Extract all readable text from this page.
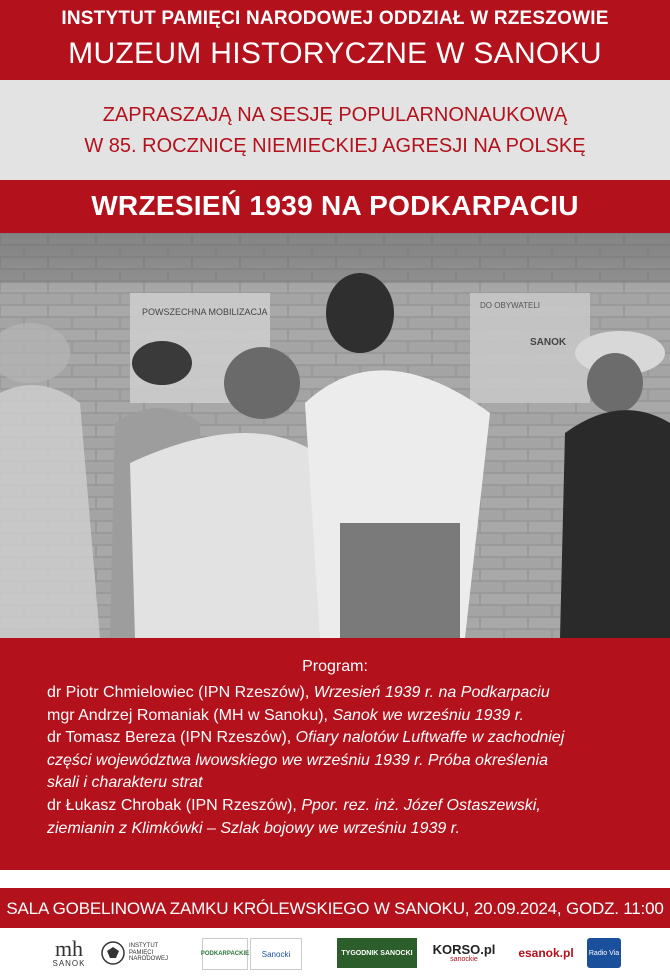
INSTYTUT PAMIĘCI NARODOWEJ ODDZIAŁ W RZESZOWIE
MUZEUM HISTORYCZNE W SANOKU
ZAPRASZAJĄ NA SESJĘ POPULARNONAUKOWĄ
W 85. ROCZNICĘ NIEMIECKIEJ AGRESJI NA POLSKĘ
WRZESIEŃ 1939 NA PODKARPACIU
POWSZECHNA MOBILIZACJA
DO OBYWATELI
SANOK
Program:
dr Piotr Chmielowiec (IPN Rzeszów), Wrzesień 1939 r. na Podkarpaciu
mgr Andrzej Romaniak (MH w Sanoku), Sanok we wrześniu 1939 r.
dr Tomasz Bereza (IPN Rzeszów), Ofiary nalotów Luftwaffe w zachodniej
części województwa lwowskiego we wrześniu 1939 r. Próba określenia
skali i charakteru strat
dr Łukasz Chrobak (IPN Rzeszów), Ppor. rez. inż. Józef Ostaszewski,
ziemianin z Klimkówki – Szlak bojowy we wrześniu 1939 r.
SALA GOBELINOWA ZAMKU KRÓLEWSKIEGO W SANOKU, 20.09.2024, GODZ. 11:00
mh
SANOK
INSTYTUT PAMIĘCI NARODOWEJ
PODKARPACKIE Sanocki	TYGODNIK SANOCKI KORSO.pl
sanockie	esanok.pl Radio Via
